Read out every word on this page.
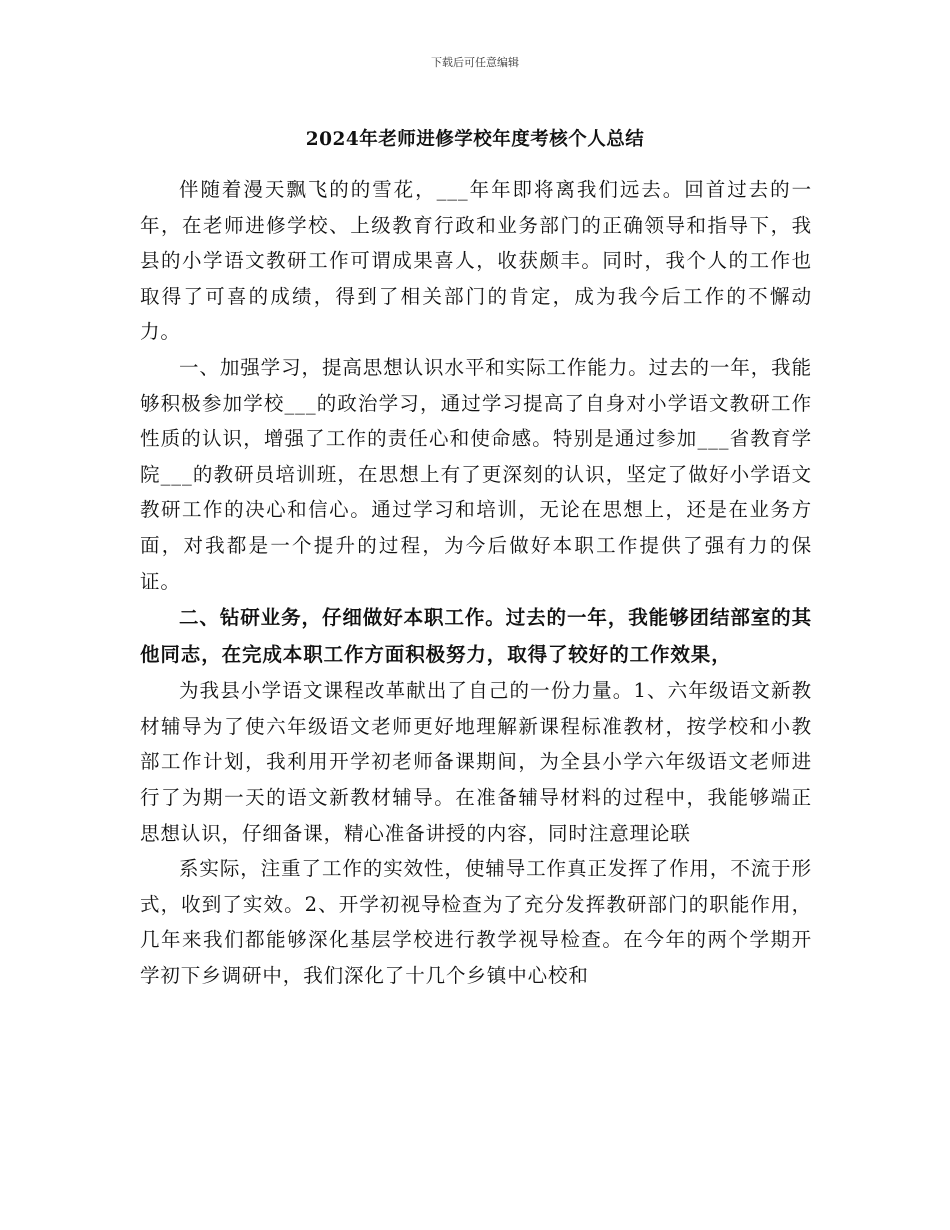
下载后可任意编辑
2024年老师进修学校年度考核个人总结

伴随着漫天飘飞的的雪花，___年年即将离我们远去。回首过去的一年，在老师进修学校、上级教育行政和业务部门的正确领导和指导下，我县的小学语文教研工作可谓成果喜人，收获颇丰。同时，我个人的工作也取得了可喜的成绩，得到了相关部门的肯定，成为我今后工作的不懈动力。

一、加强学习，提高思想认识水平和实际工作能力。过去的一年，我能够积极参加学校___的政治学习，通过学习提高了自身对小学语文教研工作性质的认识，增强了工作的责任心和使命感。特别是通过参加___省教育学院___的教研员培训班，在思想上有了更深刻的认识，坚定了做好小学语文教研工作的决心和信心。通过学习和培训，无论在思想上，还是在业务方面，对我都是一个提升的过程，为今后做好本职工作提供了强有力的保证。

二、钻研业务，仔细做好本职工作。过去的一年，我能够团结部室的其他同志，在完成本职工作方面积极努力，取得了较好的工作效果，

为我县小学语文课程改革献出了自己的一份力量。1、六年级语文新教材辅导为了使六年级语文老师更好地理解新课程标准教材，按学校和小教部工作计划，我利用开学初老师备课期间，为全县小学六年级语文老师进行了为期一天的语文新教材辅导。在准备辅导材料的过程中，我能够端正思想认识，仔细备课，精心准备讲授的内容，同时注意理论联

系实际，注重了工作的实效性，使辅导工作真正发挥了作用，不流于形式，收到了实效。2、开学初视导检查为了充分发挥教研部门的职能作用，几年来我们都能够深化基层学校进行教学视导检查。在今年的两个学期开学初下乡调研中，我们深化了十几个乡镇中心校和
